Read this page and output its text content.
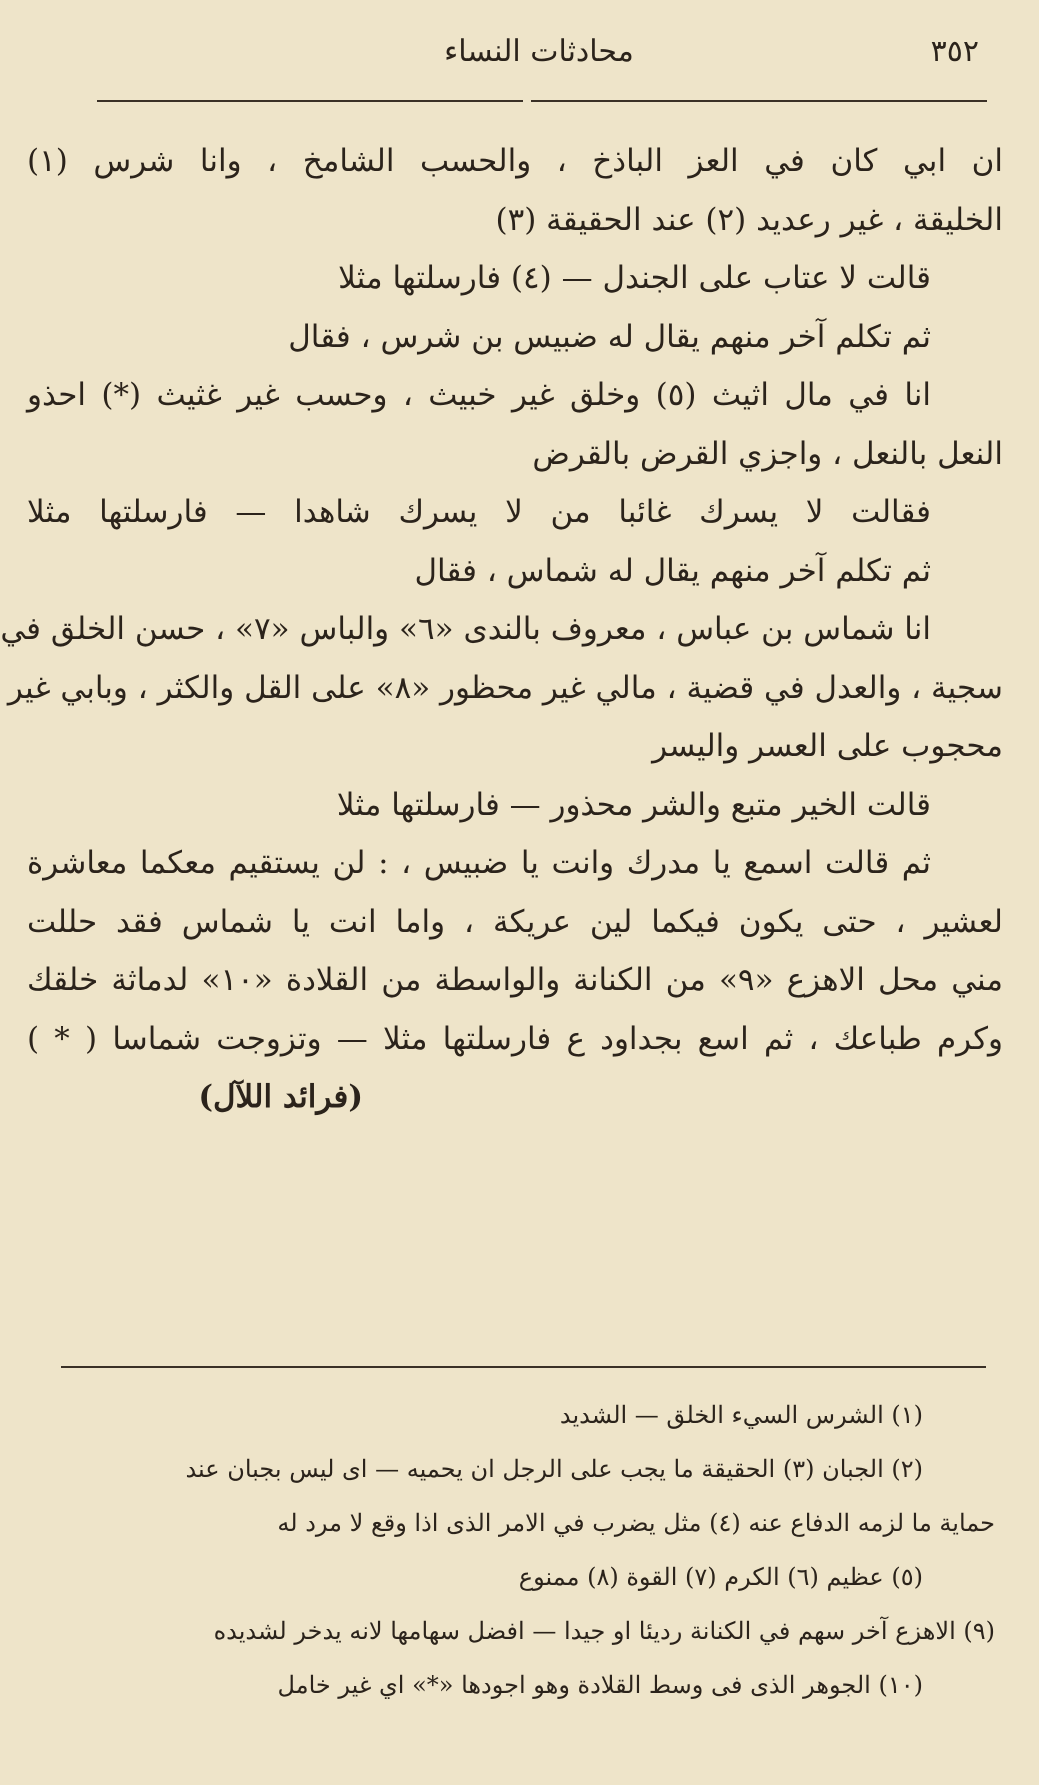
٣٥٢
محادثات النساء
ان ابي كان في العز الباذخ ، والحسب الشامخ ، وانا شرس (١)
الخليقة ، غير رعديد (٢) عند الحقيقة (٣)
قالت لا عتاب على الجندل — (٤) فارسلتها مثلا
ثم تكلم آخر منهم يقال له ضبيس بن شرس ، فقال
انا في مال اثيث (٥) وخلق غير خبيث ، وحسب غير غثيث (*) احذو
النعل بالنعل ، واجزي القرض بالقرض
فقالت لا يسرك غائبا من لا يسرك شاهدا — فارسلتها مثلا
ثم تكلم آخر منهم يقال له شماس ، فقال
انا شماس بن عباس ، معروف بالندى «٦» والباس «٧» ، حسن الخلق في
سجية ، والعدل في قضية ، مالي غير محظور «٨» على القل والكثر ، وبابي غير
محجوب على العسر واليسر
قالت الخير متبع والشر محذور — فارسلتها مثلا
ثم قالت اسمع يا مدرك وانت يا ضبيس ، : لن يستقيم معكما معاشرة
لعشير ، حتى يكون فيكما لين عريكة ، واما انت يا شماس فقد حللت
مني محل الاهزع «٩» من الكنانة والواسطة من القلادة «١٠» لدماثة خلقك
وكرم طباعك ، ثم اسع بجداود ع فارسلتها مثلا — وتزوجت شماسا ( * )
(فرائد اللآل)
(١) الشرس السيء الخلق — الشديد
(٢) الجبان (٣) الحقيقة ما يجب على الرجل ان يحميه — اى ليس بجبان عند
حماية ما لزمه الدفاع عنه (٤) مثل يضرب في الامر الذى اذا وقع لا مرد له
(٥) عظيم (٦) الكرم (٧) القوة (٨) ممنوع
(٩) الاهزع آخر سهم في الكنانة رديئا او جيدا — افضل سهامها لانه يدخر لشديده
(١٠) الجوهر الذى فى وسط القلادة وهو اجودها «*» اي غير خامل
